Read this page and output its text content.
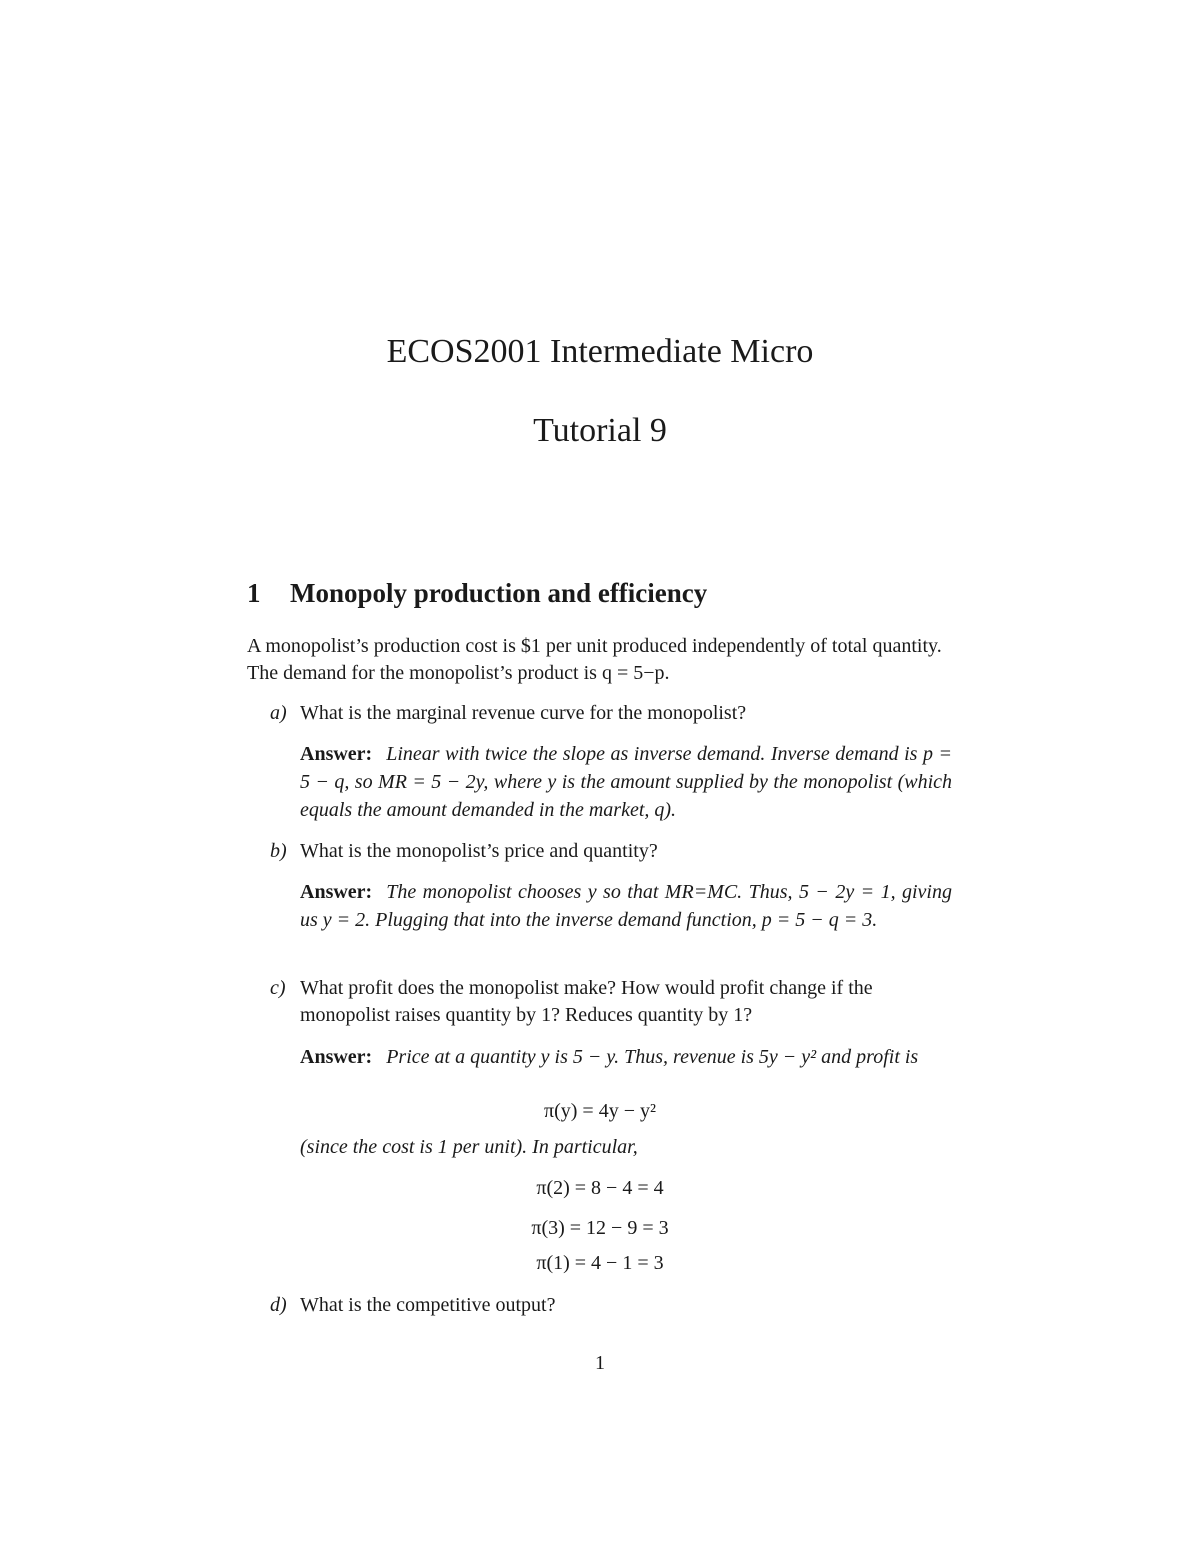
ECOS2001 Intermediate Micro
Tutorial 9
1 Monopoly production and efficiency

A monopolist’s production cost is $1 per unit produced independently of total quantity. The demand for the monopolist’s product is q = 5−p.

a) What is the marginal revenue curve for the monopolist?

Answer: Linear with twice the slope as inverse demand. Inverse demand is p = 5 − q, so MR = 5 − 2y, where y is the amount supplied by the monopolist (which equals the amount demanded in the market, q).

b) What is the monopolist’s price and quantity?

Answer: The monopolist chooses y so that MR=MC. Thus, 5 − 2y = 1, giving us y = 2. Plugging that into the inverse demand function, p = 5 − q = 3.

c) What profit does the monopolist make? How would profit change if the monopolist raises quantity by 1? Reduces quantity by 1?

Answer: Price at a quantity y is 5 − y. Thus, revenue is 5y − y² and profit is

π(y) = 4y − y²

(since the cost is 1 per unit). In particular,

π(2) = 8 − 4 = 4

π(3) = 12 − 9 = 3

π(1) = 4 − 1 = 3

d) What is the competitive output?

1
